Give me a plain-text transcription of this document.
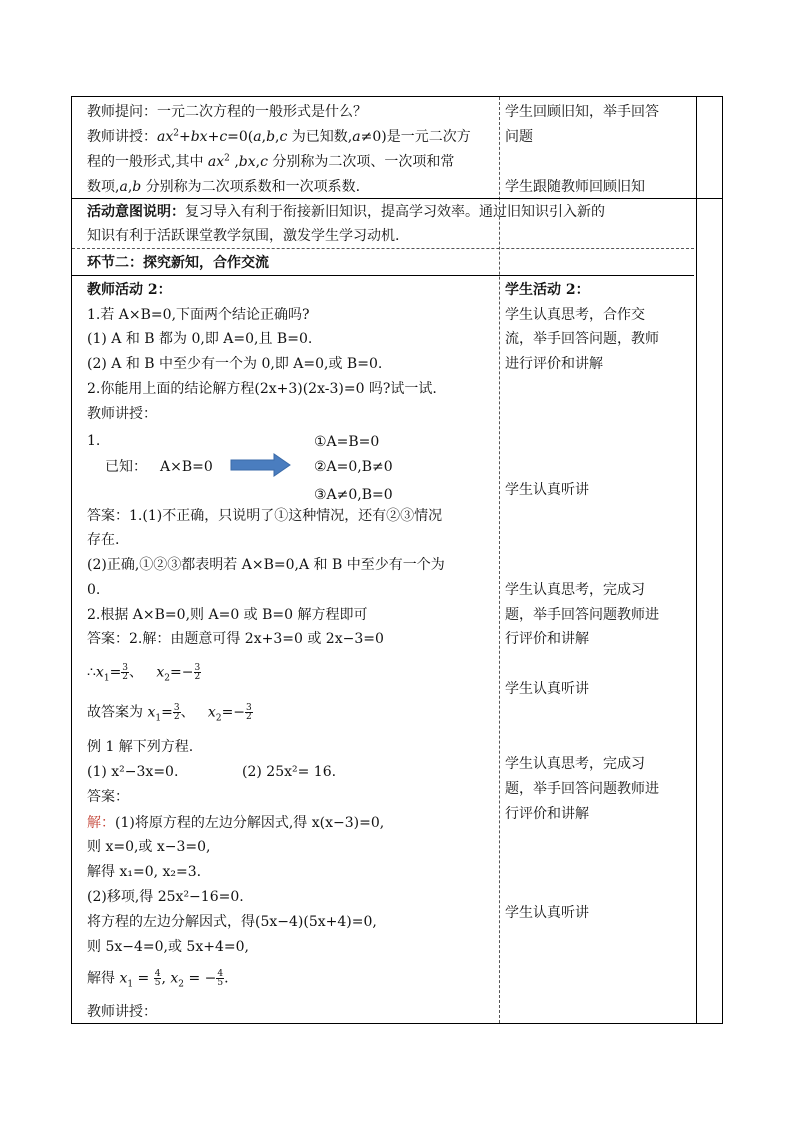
教师提问：一元二次方程的一般形式是什么？
教师讲授：$ax^2+bx+c=0(a,b,c$ 为已知数,a≠0)是一元二次方
程的一般形式,其中 $ax^2$ ,bx,c 分别称为二次项、一次项和常
数项,a,b 分别称为二次项系数和一次项系数.
学生回顾旧知，举手回答
问题
学生跟随教师回顾旧知
活动意图说明：复习导入有利于衔接新旧知识，提高学习效率。通过旧知识引入新的
知识有利于活跃课堂教学氛围，激发学生学习动机.
环节二：探究新知，合作交流
教师活动 2：
1.若 A×B=0,下面两个结论正确吗?
(1) A 和 B 都为 0,即 A=0,且 B=0.
(2) A 和 B 中至少有一个为 0,即 A=0,或 B=0.
2.你能用上面的结论解方程(2x+3)(2x-3)=0 吗?试一试.
教师讲授：
1.
已知： A×B=0
①A=B=0
②A=0,B≠0
③A≠0,B=0
答案：1.(1)不正确，只说明了①这种情况，还有②③情况
存在.
(2)正确,①②③都表明若 A×B=0,A 和 B 中至少有一个为
0.
2.根据 A×B=0,则 A=0 或 B=0 解方程即可
答案：2.解：由题意可得 2x+3=0 或 2x−3=0
$\therefore x_1= \frac{3}{2}$ 、   $x_2=- \frac{3}{2}$
故答案为 $x_1= \frac{3}{2}$ 、   $x_2=- \frac{3}{2}$
例 1 解下列方程.
(1) x²−3x=0.	(2) 25x²= 16.
答案：
解：(1)将原方程的左边分解因式,得 x(x−3)=0,
则 x=0,或 x−3=0,
解得 x₁=0, x₂=3.
(2)移项,得 25x²−16=0.
将方程的左边分解因式，得(5x−4)(5x+4)=0,
则 5x−4=0,或 5x+4=0,
解得 $x_1 = \frac{4}{5}$ , $x_2$ = − $\frac{4}{5}$ .
教师讲授：
学生活动 2：
学生认真思考，合作交
流，举手回答问题，教师
进行评价和讲解
学生认真听讲
学生认真思考，完成习
题，举手回答问题教师进
行评价和讲解
学生认真听讲
学生认真思考，完成习
题，举手回答问题教师进
行评价和讲解
学生认真听讲
